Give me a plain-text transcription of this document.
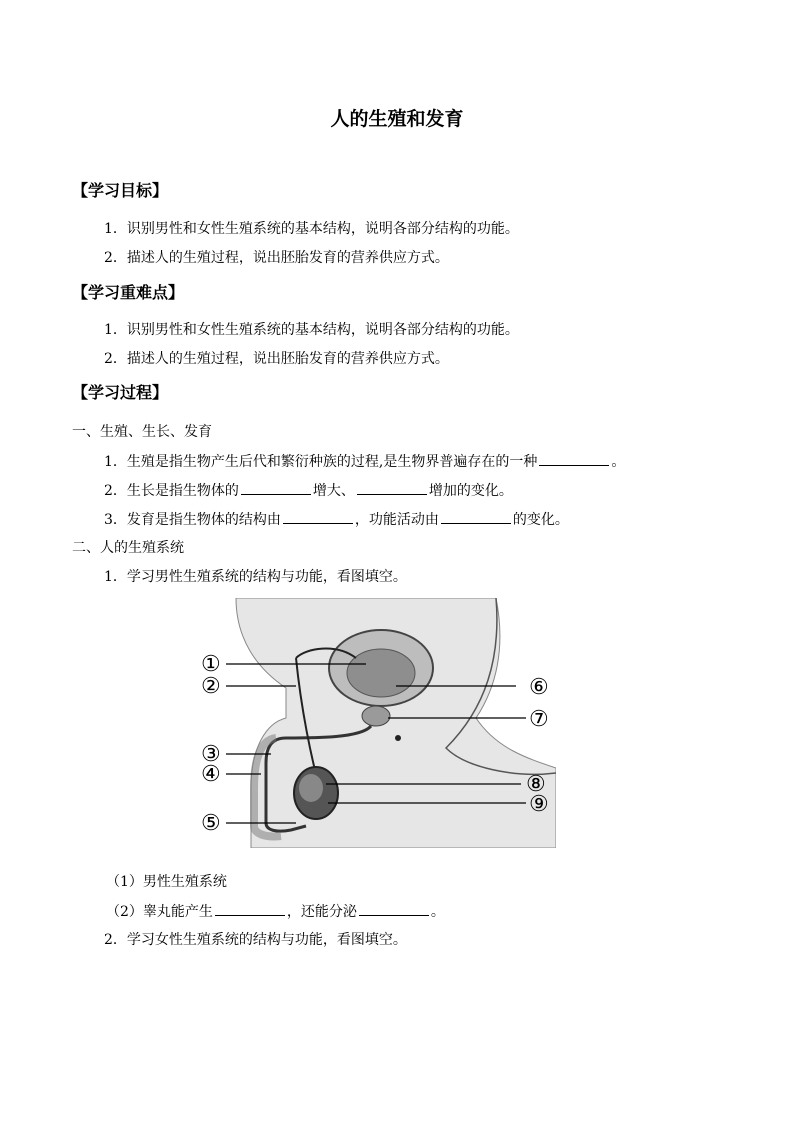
人的生殖和发育
【学习目标】
1．识别男性和女性生殖系统的基本结构，说明各部分结构的功能。
2．描述人的生殖过程，说出胚胎发育的营养供应方式。
【学习重难点】
1．识别男性和女性生殖系统的基本结构，说明各部分结构的功能。
2．描述人的生殖过程，说出胚胎发育的营养供应方式。
【学习过程】
一、生殖、生长、发育
1．生殖是指生物产生后代和繁衍种族的过程,是生物界普遍存在的一种	。
2．生长是指生物体的	增大、	增加的变化。
3．发育是指生物体的结构由	，功能活动由	的变化。
二、人的生殖系统
1．学习男性生殖系统的结构与功能，看图填空。
①
②
③
④
⑤
⑥
⑦
⑧
⑨
（1）男性生殖系统
（2）睾丸能产生	，还能分泌	。
2．学习女性生殖系统的结构与功能，看图填空。
